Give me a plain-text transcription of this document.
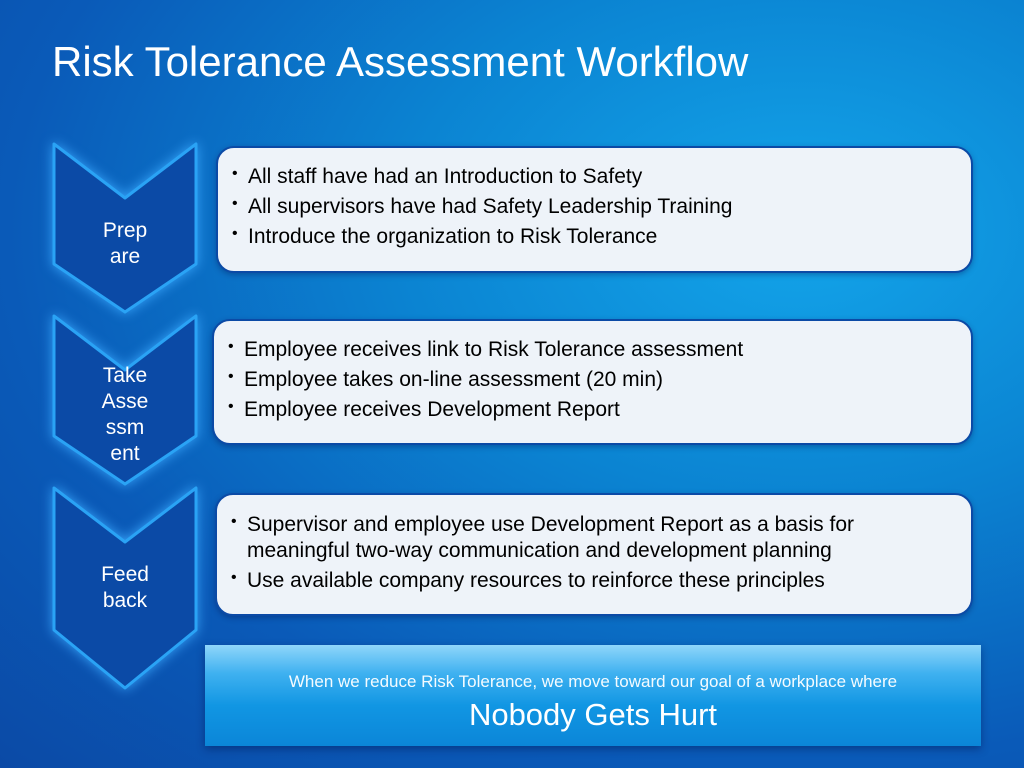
Risk Tolerance Assessment Workflow
Prep
are
• All staff have had an Introduction to Safety
• All supervisors have had Safety Leadership Training
• Introduce the organization to Risk Tolerance
Take
Asse
ssm
ent
• Employee receives link to Risk Tolerance assessment
• Employee takes on-line assessment (20 min)
• Employee receives Development Report
Feed
back
• Supervisor and employee use Development Report as a basis for meaningful two-way communication and development planning
• Use available company resources to reinforce these principles
When we reduce Risk Tolerance, we move toward our goal of a workplace where
Nobody Gets Hurt
